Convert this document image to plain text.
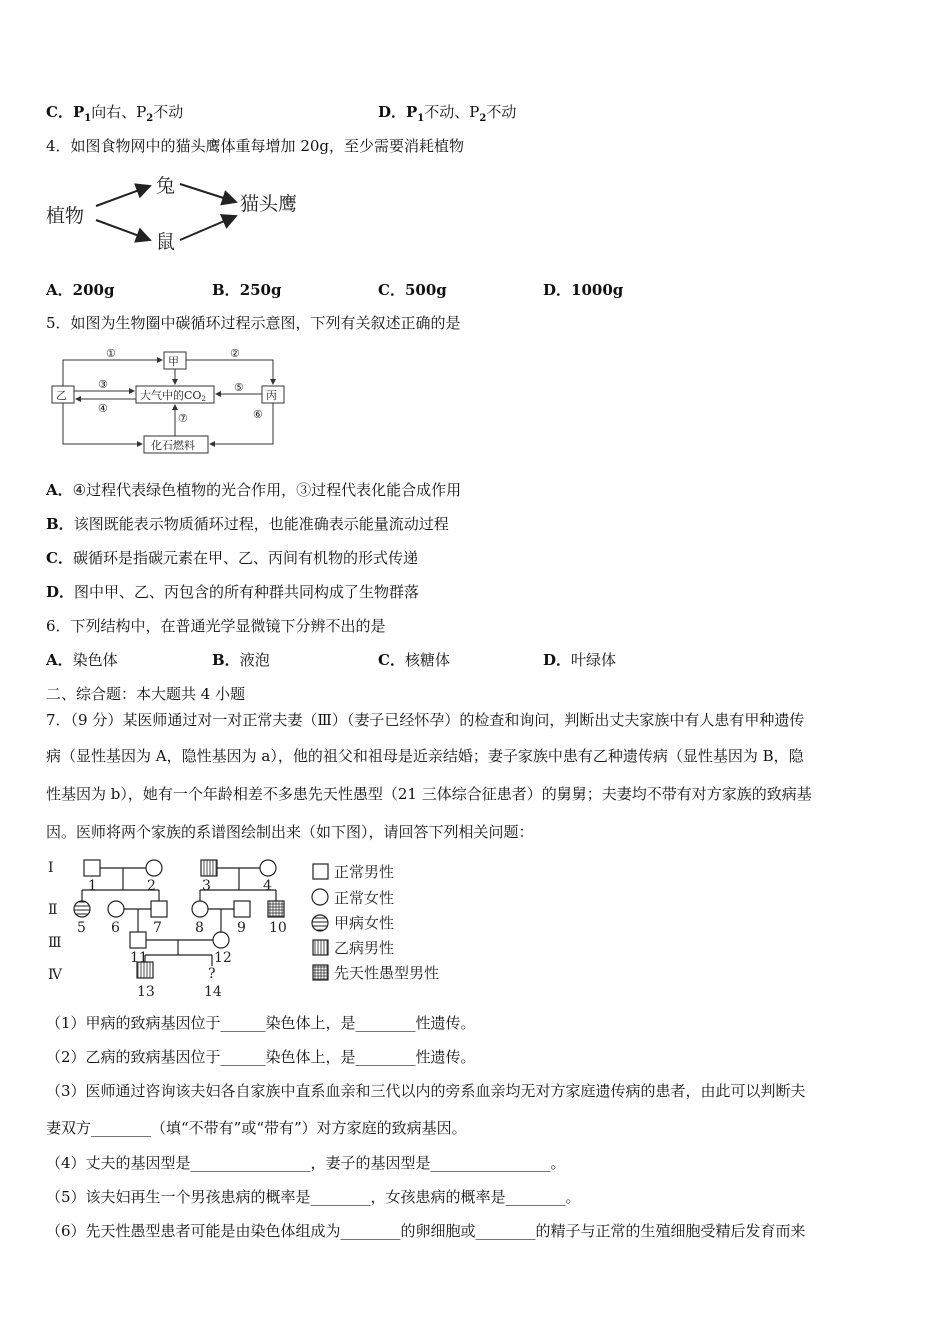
C．$P_1$向右、$P_2$不动	D．$P_1$不动、$P_2$不动
4．如图食物网中的猫头鹰体重每增加 20g，至少需要消耗植物
植物
兔
鼠
猫头鹰
A．200g	B．250g	C．500g	D．1000g
5．如图为生物圈中碳循环过程示意图，下列有关叙述正确的是
甲
乙	丙
大气中的CO2
化石燃料
①	②
③
④
⑤
⑥
⑦
A．④过程代表绿色植物的光合作用，③过程代表化能合成作用
B．该图既能表示物质循环过程，也能准确表示能量流动过程
C．碳循环是指碳元素在甲、乙、丙间有机物的形式传递
D．图中甲、乙、丙包含的所有种群共同构成了生物群落
6．下列结构中，在普通光学显微镜下分辨不出的是
A．染色体	B．液泡	C．核糖体	D．叶绿体
二、综合题：本大题共 4 小题
7．（9 分）某医师通过对一对正常夫妻（Ⅲ）（妻子已经怀孕）的检查和询问，判断出丈夫家族中有人患有甲种遗传
病（显性基因为 A，隐性基因为 a），他的祖父和祖母是近亲结婚；妻子家族中患有乙种遗传病（显性基因为 B，隐
性基因为 b），她有一个年龄相差不多患先天性愚型（21 三体综合征患者）的舅舅；夫妻均不带有对方家族的致病基
因。医师将两个家族的系谱图绘制出来（如下图），请回答下列相关问题：
Ⅰ
Ⅱ
Ⅲ
Ⅳ
1	2	3	4
5 6 7 8 9 10
11	12
13
?
14
正常男性
正常女性
甲病女性
乙病男性
先天性愚型男性
（1）甲病的致病基因位于______染色体上，是________性遗传。
（2）乙病的致病基因位于______染色体上，是________性遗传。
（3）医师通过咨询该夫妇各自家族中直系血亲和三代以内的旁系血亲均无对方家庭遗传病的患者，由此可以判断夫
妻双方________（填“不带有”或“带有”）对方家庭的致病基因。
（4）丈夫的基因型是________________，妻子的基因型是________________。
（5）该夫妇再生一个男孩患病的概率是________，女孩患病的概率是________。
（6）先天性愚型患者可能是由染色体组成为________的卵细胞或________的精子与正常的生殖细胞受精后发育而来
